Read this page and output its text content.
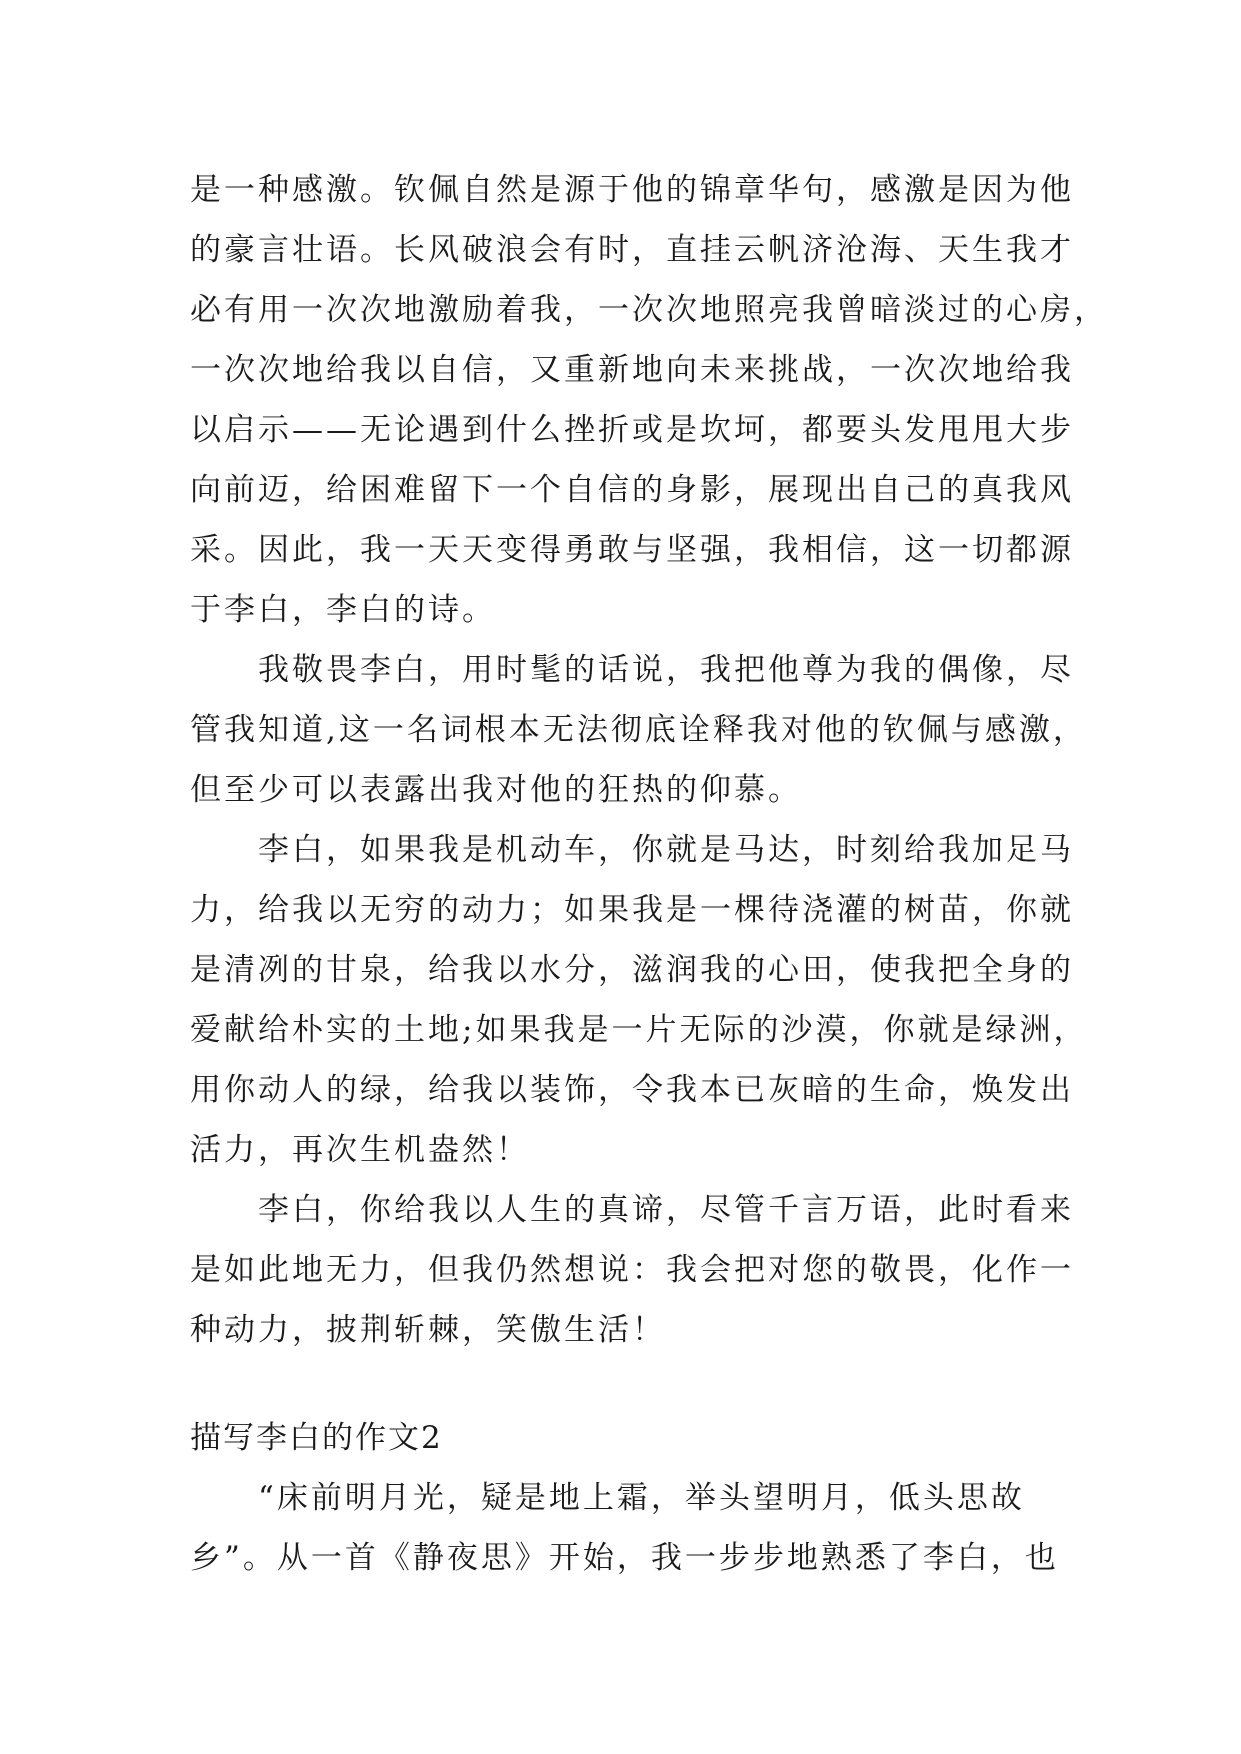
是一种感激。钦佩自然是源于他的锦章华句，感激是因为他
的豪言壮语。长风破浪会有时，直挂云帆济沧海、天生我才
必有用一次次地激励着我，一次次地照亮我曾暗淡过的心房，
一次次地给我以自信，又重新地向未来挑战，一次次地给我
以启示——无论遇到什么挫折或是坎坷，都要头发甩甩大步
向前迈，给困难留下一个自信的身影，展现出自己的真我风
采。因此，我一天天变得勇敢与坚强，我相信，这一切都源
于李白，李白的诗。

我敬畏李白，用时髦的话说，我把他尊为我的偶像，尽
管我知道,这一名词根本无法彻底诠释我对他的钦佩与感激，
但至少可以表露出我对他的狂热的仰慕。

李白，如果我是机动车，你就是马达，时刻给我加足马
力，给我以无穷的动力；如果我是一棵待浇灌的树苗，你就
是清冽的甘泉，给我以水分，滋润我的心田，使我把全身的
爱献给朴实的土地;如果我是一片无际的沙漠，你就是绿洲，
用你动人的绿，给我以装饰，令我本已灰暗的生命，焕发出
活力，再次生机盎然！

李白，你给我以人生的真谛，尽管千言万语，此时看来
是如此地无力，但我仍然想说：我会把对您的敬畏，化作一
种动力，披荆斩棘，笑傲生活！

描写李白的作文2

“床前明月光，疑是地上霜，举头望明月，低头思故
乡”。从一首《静夜思》开始，我一步步地熟悉了李白，也
